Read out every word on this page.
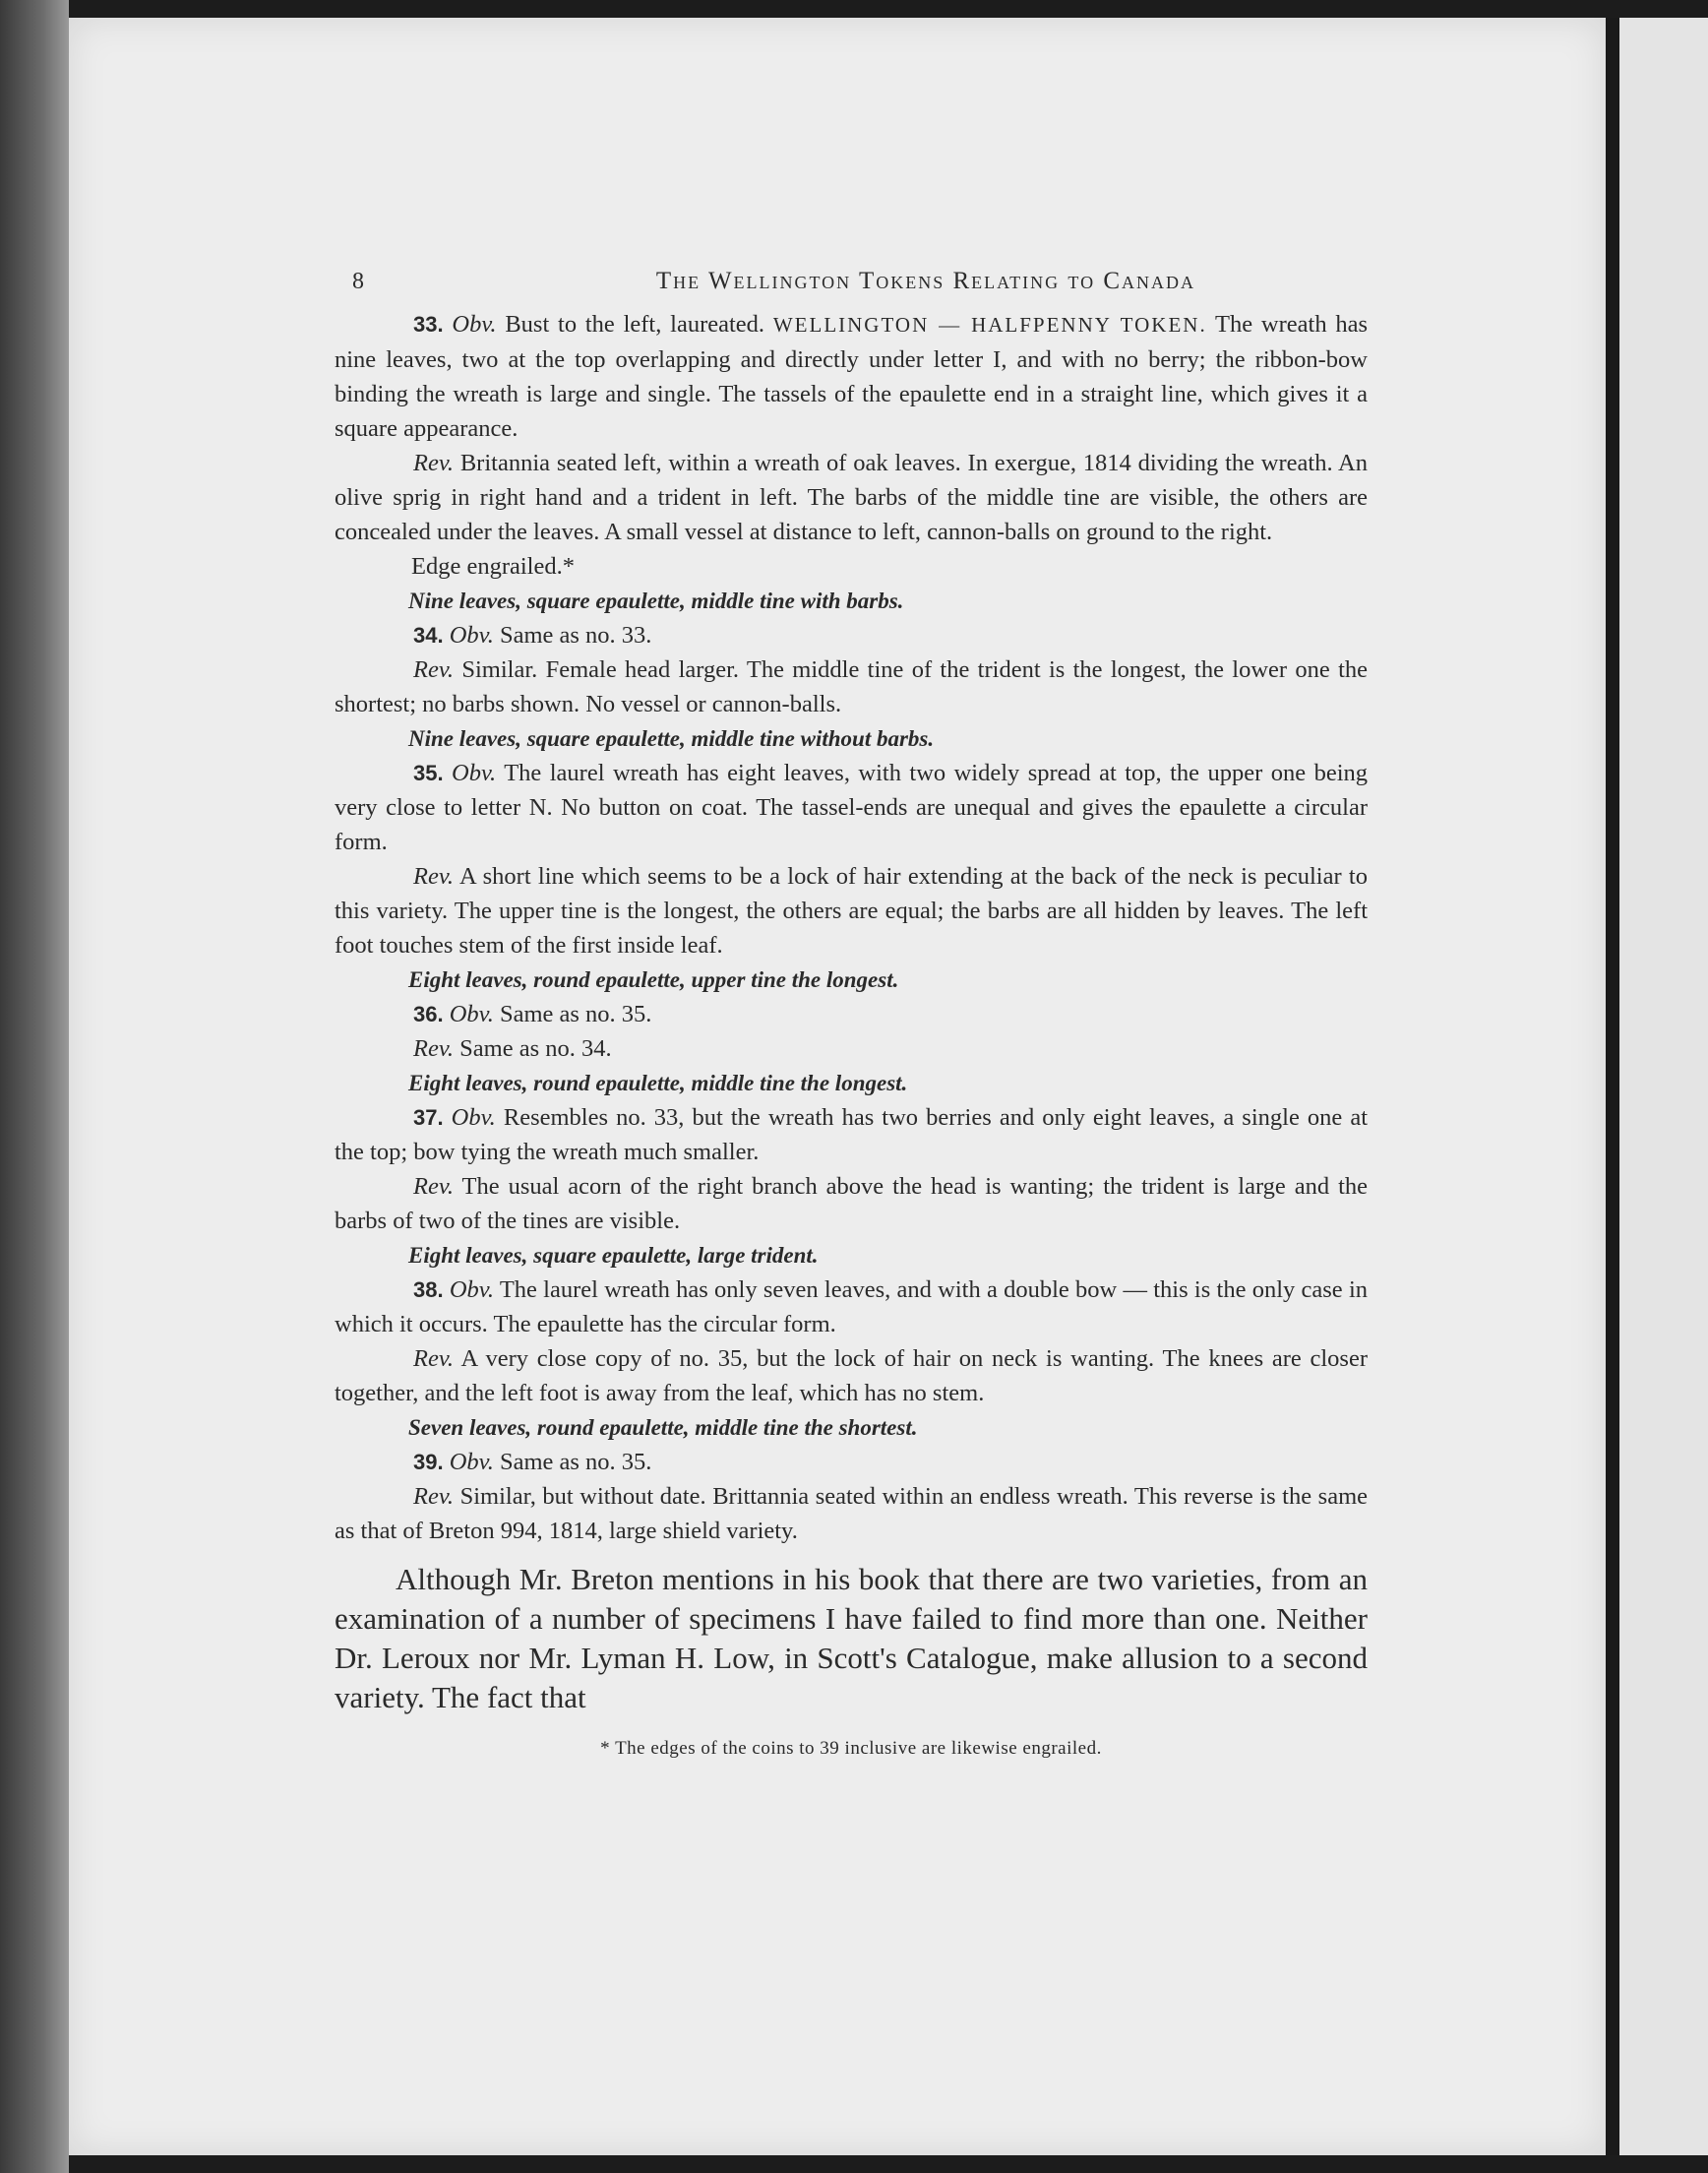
8	The Wellington Tokens Relating to Canada

33. Obv. Bust to the left, laureated. WELLINGTON — HALFPENNY TOKEN. The wreath has nine leaves, two at the top overlapping and directly under letter I, and with no berry; the ribbon-bow binding the wreath is large and single. The tassels of the epaulette end in a straight line, which gives it a square appearance.

Rev. Britannia seated left, within a wreath of oak leaves. In exergue, 1814 dividing the wreath. An olive sprig in right hand and a trident in left. The barbs of the middle tine are visible, the others are concealed under the leaves. A small vessel at distance to left, cannon-balls on ground to the right.

Edge engrailed.*

Nine leaves, square epaulette, middle tine with barbs.

34. Obv. Same as no. 33.

Rev. Similar. Female head larger. The middle tine of the trident is the longest, the lower one the shortest; no barbs shown. No vessel or cannon-balls.

Nine leaves, square epaulette, middle tine without barbs.

35. Obv. The laurel wreath has eight leaves, with two widely spread at top, the upper one being very close to letter N. No button on coat. The tassel-ends are unequal and gives the epaulette a circular form.

Rev. A short line which seems to be a lock of hair extending at the back of the neck is peculiar to this variety. The upper tine is the longest, the others are equal; the barbs are all hidden by leaves. The left foot touches stem of the first inside leaf.

Eight leaves, round epaulette, upper tine the longest.

36. Obv. Same as no. 35.

Rev. Same as no. 34.

Eight leaves, round epaulette, middle tine the longest.

37. Obv. Resembles no. 33, but the wreath has two berries and only eight leaves, a single one at the top; bow tying the wreath much smaller.

Rev. The usual acorn of the right branch above the head is wanting; the trident is large and the barbs of two of the tines are visible.

Eight leaves, square epaulette, large trident.

38. Obv. The laurel wreath has only seven leaves, and with a double bow — this is the only case in which it occurs. The epaulette has the circular form.

Rev. A very close copy of no. 35, but the lock of hair on neck is wanting. The knees are closer together, and the left foot is away from the leaf, which has no stem.

Seven leaves, round epaulette, middle tine the shortest.

39. Obv. Same as no. 35.

Rev. Similar, but without date. Brittannia seated within an endless wreath. This reverse is the same as that of Breton 994, 1814, large shield variety.

Although Mr. Breton mentions in his book that there are two varieties, from an examination of a number of specimens I have failed to find more than one. Neither Dr. Leroux nor Mr. Lyman H. Low, in Scott's Catalogue, make allusion to a second variety. The fact that

* The edges of the coins to 39 inclusive are likewise engrailed.
